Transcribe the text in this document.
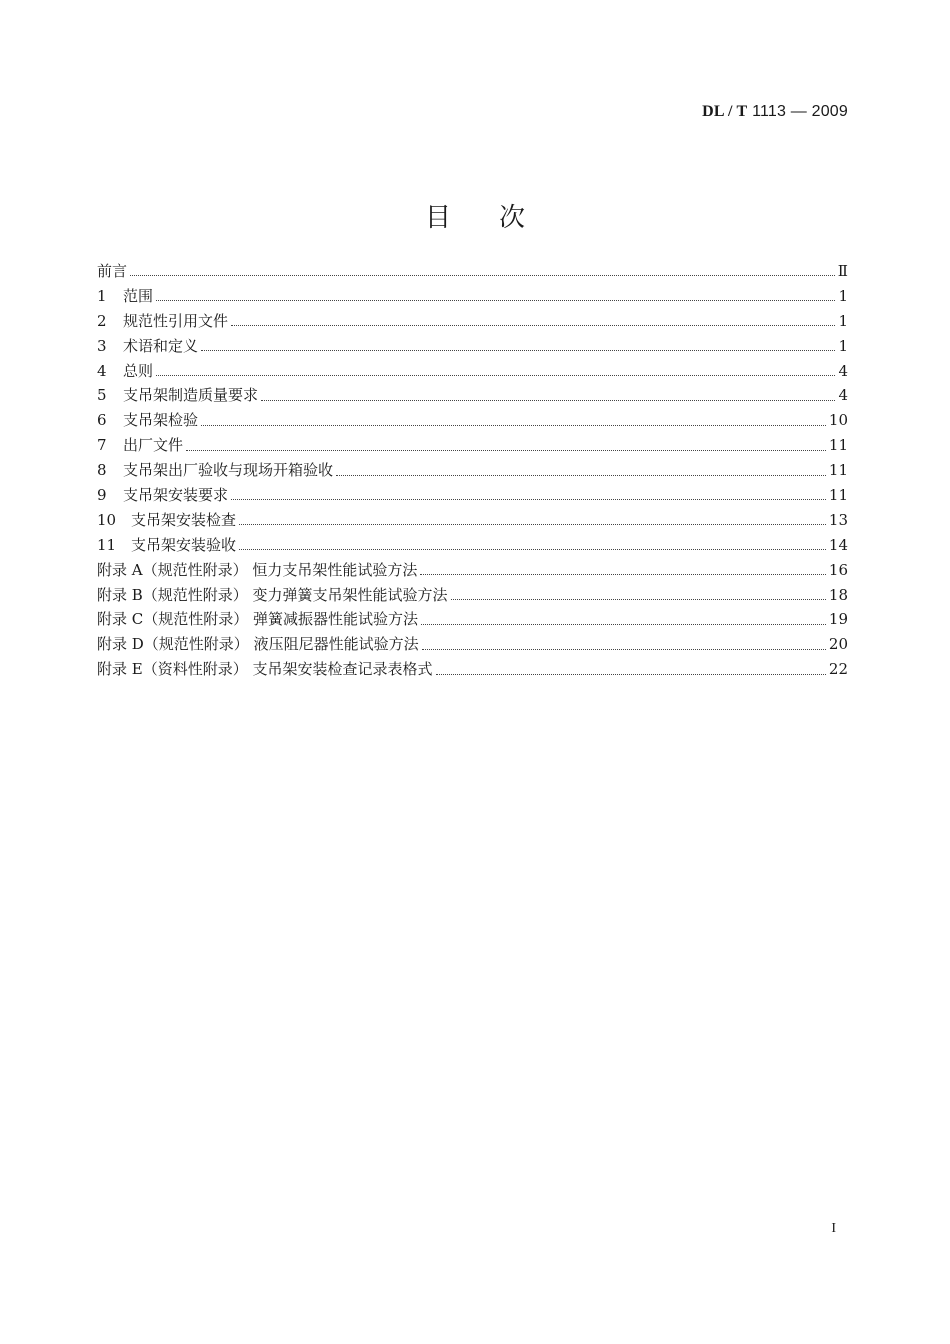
DL / T 1113 — 2009
目次
前言	Ⅱ
1	范围	1
2	规范性引用文件	1
3	术语和定义	1
4	总则	4
5	支吊架制造质量要求	4
6	支吊架检验	10
7	出厂文件	11
8	支吊架出厂验收与现场开箱验收	11
9	支吊架安装要求	11
10 支吊架安装检查	13
11 支吊架安装验收	14
附录 A（规范性附录） 恒力支吊架性能试验方法	16
附录 B（规范性附录） 变力弹簧支吊架性能试验方法	18
附录 C（规范性附录） 弹簧减振器性能试验方法	19
附录 D（规范性附录） 液压阻尼器性能试验方法	20
附录 E（资料性附录） 支吊架安装检查记录表格式	22
I
